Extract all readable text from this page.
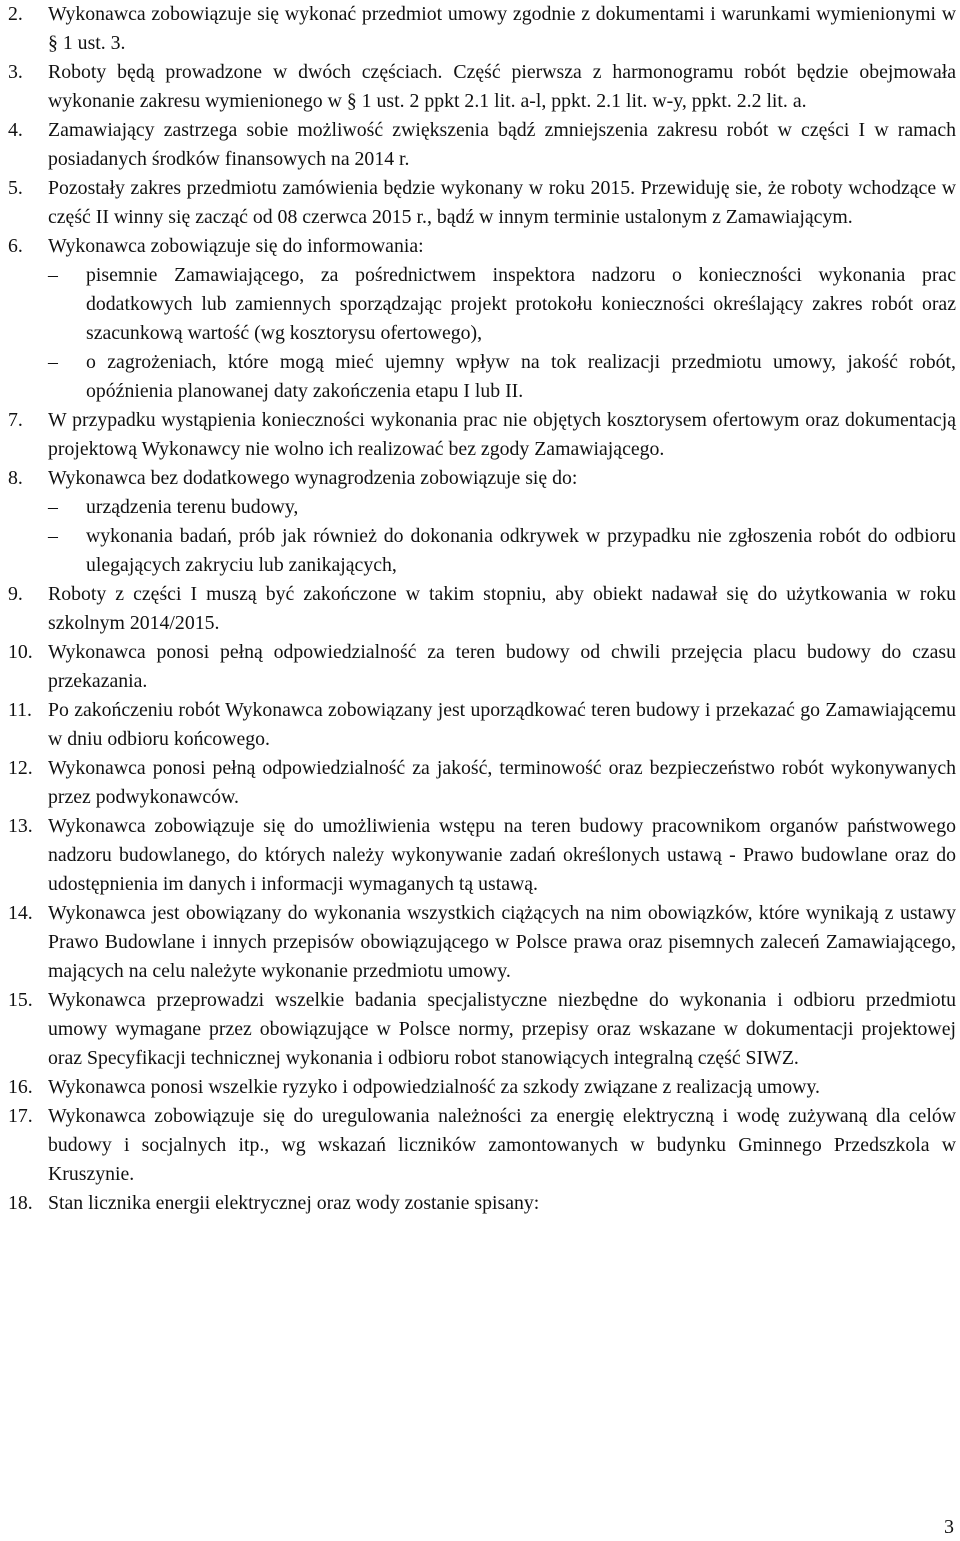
2. Wykonawca zobowiązuje się wykonać przedmiot umowy zgodnie z dokumentami i warunkami wymienionymi w § 1 ust. 3.
3. Roboty będą prowadzone w dwóch częściach. Część pierwsza z harmonogramu robót będzie obejmowała wykonanie zakresu wymienionego w § 1 ust. 2 ppkt 2.1 lit. a-l, ppkt. 2.1 lit. w-y, ppkt. 2.2 lit. a.
4. Zamawiający zastrzega sobie możliwość zwiększenia bądź zmniejszenia zakresu robót w części I w ramach posiadanych środków finansowych na 2014 r.
5. Pozostały zakres przedmiotu zamówienia będzie wykonany w roku 2015. Przewiduję sie, że roboty wchodzące w część II winny się zacząć od 08 czerwca 2015 r., bądź w innym terminie ustalonym z Zamawiającym.
6. Wykonawca zobowiązuje się do informowania:
– pisemnie Zamawiającego, za pośrednictwem inspektora nadzoru o konieczności wykonania prac dodatkowych lub zamiennych sporządzając projekt protokołu konieczności określający zakres robót oraz szacunkową wartość (wg kosztorysu ofertowego),
– o zagrożeniach, które mogą mieć ujemny wpływ na tok realizacji przedmiotu umowy, jakość robót, opóźnienia planowanej daty zakończenia etapu I lub II.
7. W przypadku wystąpienia konieczności wykonania prac nie objętych kosztorysem ofertowym oraz dokumentacją projektową Wykonawcy nie wolno ich realizować bez zgody Zamawiającego.
8. Wykonawca bez dodatkowego wynagrodzenia zobowiązuje się do:
– urządzenia terenu budowy,
– wykonania badań, prób jak również do dokonania odkrywek w przypadku nie zgłoszenia robót do odbioru ulegających zakryciu lub zanikających,
9. Roboty z części I muszą być zakończone w takim stopniu, aby obiekt nadawał się do użytkowania w roku szkolnym 2014/2015.
10. Wykonawca ponosi pełną odpowiedzialność za teren budowy od chwili przejęcia placu budowy do czasu przekazania.
11. Po zakończeniu robót Wykonawca zobowiązany jest uporządkować teren budowy i przekazać go Zamawiającemu w dniu odbioru końcowego.
12. Wykonawca ponosi pełną odpowiedzialność za jakość, terminowość oraz bezpieczeństwo robót wykonywanych przez podwykonawców.
13. Wykonawca zobowiązuje się do umożliwienia wstępu na teren budowy pracownikom organów państwowego nadzoru budowlanego, do których należy wykonywanie zadań określonych ustawą - Prawo budowlane oraz do udostępnienia im danych i informacji wymaganych tą ustawą.
14. Wykonawca jest obowiązany do wykonania wszystkich ciążących na nim obowiązków, które wynikają z ustawy Prawo Budowlane i innych przepisów obowiązującego w Polsce prawa oraz pisemnych zaleceń Zamawiającego, mających na celu należyte wykonanie przedmiotu umowy.
15. Wykonawca przeprowadzi wszelkie badania specjalistyczne niezbędne do wykonania i odbioru przedmiotu umowy wymagane przez obowiązujące w Polsce normy, przepisy oraz wskazane w dokumentacji projektowej oraz Specyfikacji technicznej wykonania i odbioru robot stanowiących integralną część SIWZ.
16. Wykonawca ponosi wszelkie ryzyko i odpowiedzialność za szkody związane z realizacją umowy.
17. Wykonawca zobowiązuje się do uregulowania należności za energię elektryczną i wodę zużywaną dla celów budowy i socjalnych itp., wg wskazań liczników zamontowanych w budynku Gminnego Przedszkola w Kruszynie.
18. Stan licznika energii elektrycznej oraz wody zostanie spisany:
3
